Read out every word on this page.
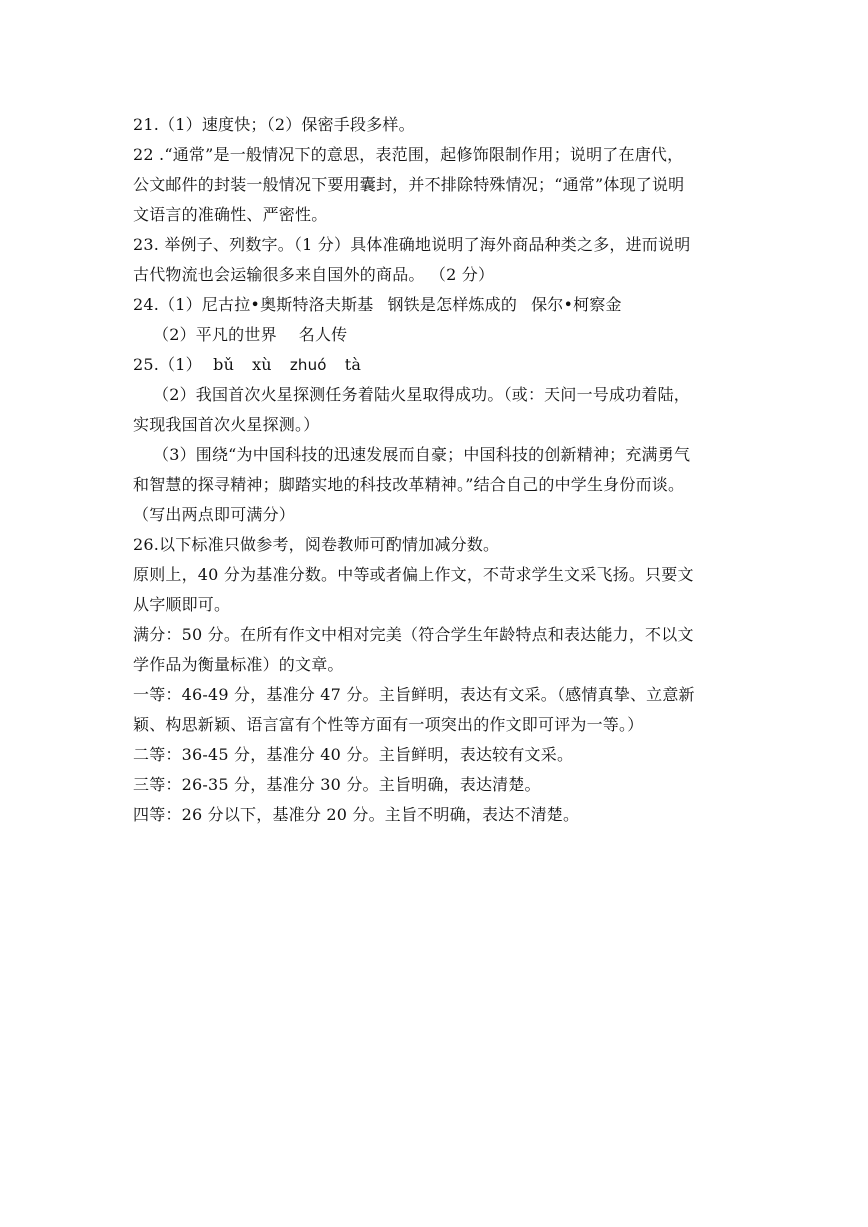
21.（1）速度快；（2）保密手段多样。
22 .“通常”是一般情况下的意思，表范围，起修饰限制作用；说明了在唐代，
公文邮件的封装一般情况下要用囊封，并不排除特殊情况；“通常”体现了说明
文语言的准确性、严密性。
23. 举例子、列数字。（1 分）具体准确地说明了海外商品种类之多，进而说明
古代物流也会运输很多来自国外的商品。 （2 分）
24.（1）尼古拉•奥斯特洛夫斯基 钢铁是怎样炼成的 保尔•柯察金
（2）平凡的世界 名人传
25.（1） bǔ xù zhuó tà
（2）我国首次火星探测任务着陆火星取得成功。（或：天问一号成功着陆，
实现我国首次火星探测。）
（3）围绕“为中国科技的迅速发展而自豪；中国科技的创新精神；充满勇气
和智慧的探寻精神；脚踏实地的科技改革精神。”结合自己的中学生身份而谈。
（写出两点即可满分）
26.以下标准只做参考，阅卷教师可酌情加减分数。
原则上，40 分为基准分数。中等或者偏上作文，不苛求学生文采飞扬。只要文
从字顺即可。
满分：50 分。在所有作文中相对完美（符合学生年龄特点和表达能力，不以文
学作品为衡量标准）的文章。
一等：46-49 分，基准分 47 分。主旨鲜明，表达有文采。（感情真挚、立意新
颖、构思新颖、语言富有个性等方面有一项突出的作文即可评为一等。）
二等：36-45 分，基准分 40 分。主旨鲜明，表达较有文采。
三等：26-35 分，基准分 30 分。主旨明确，表达清楚。
四等：26 分以下，基准分 20 分。主旨不明确，表达不清楚。
